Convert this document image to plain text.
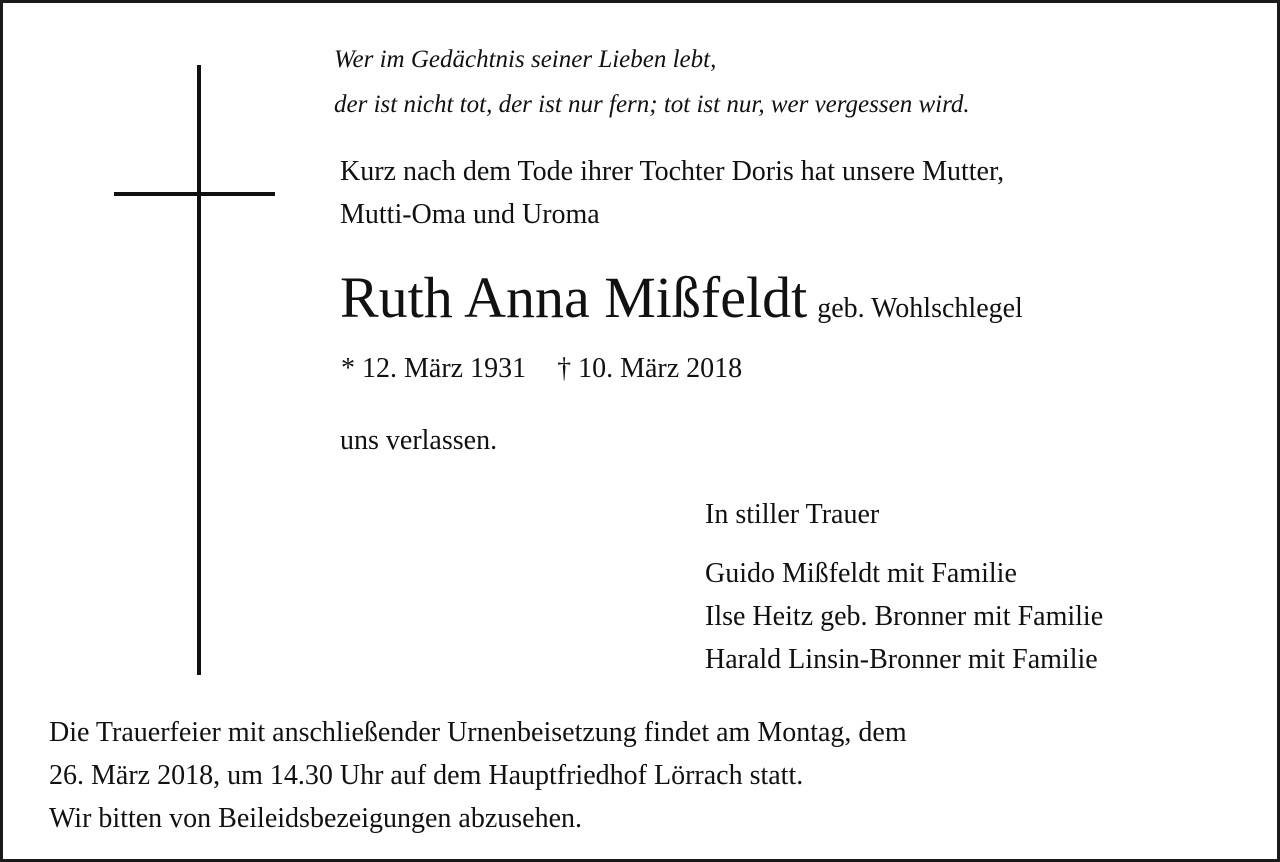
Wer im Gedächtnis seiner Lieben lebt,
der ist nicht tot, der ist nur fern; tot ist nur, wer vergessen wird.
Kurz nach dem Tode ihrer Tochter Doris hat unsere Mutter,
Mutti-Oma und Uroma
Ruth Anna Mißfeldt geb. Wohlschlegel
* 12. März 1931 † 10. März 2018
uns verlassen.
In stiller Trauer
Guido Mißfeldt mit Familie
Ilse Heitz geb. Bronner mit Familie
Harald Linsin-Bronner mit Familie
Die Trauerfeier mit anschließender Urnenbeisetzung findet am Montag, dem
26. März 2018, um 14.30 Uhr auf dem Hauptfriedhof Lörrach statt.
Wir bitten von Beileidsbezeigungen abzusehen.
